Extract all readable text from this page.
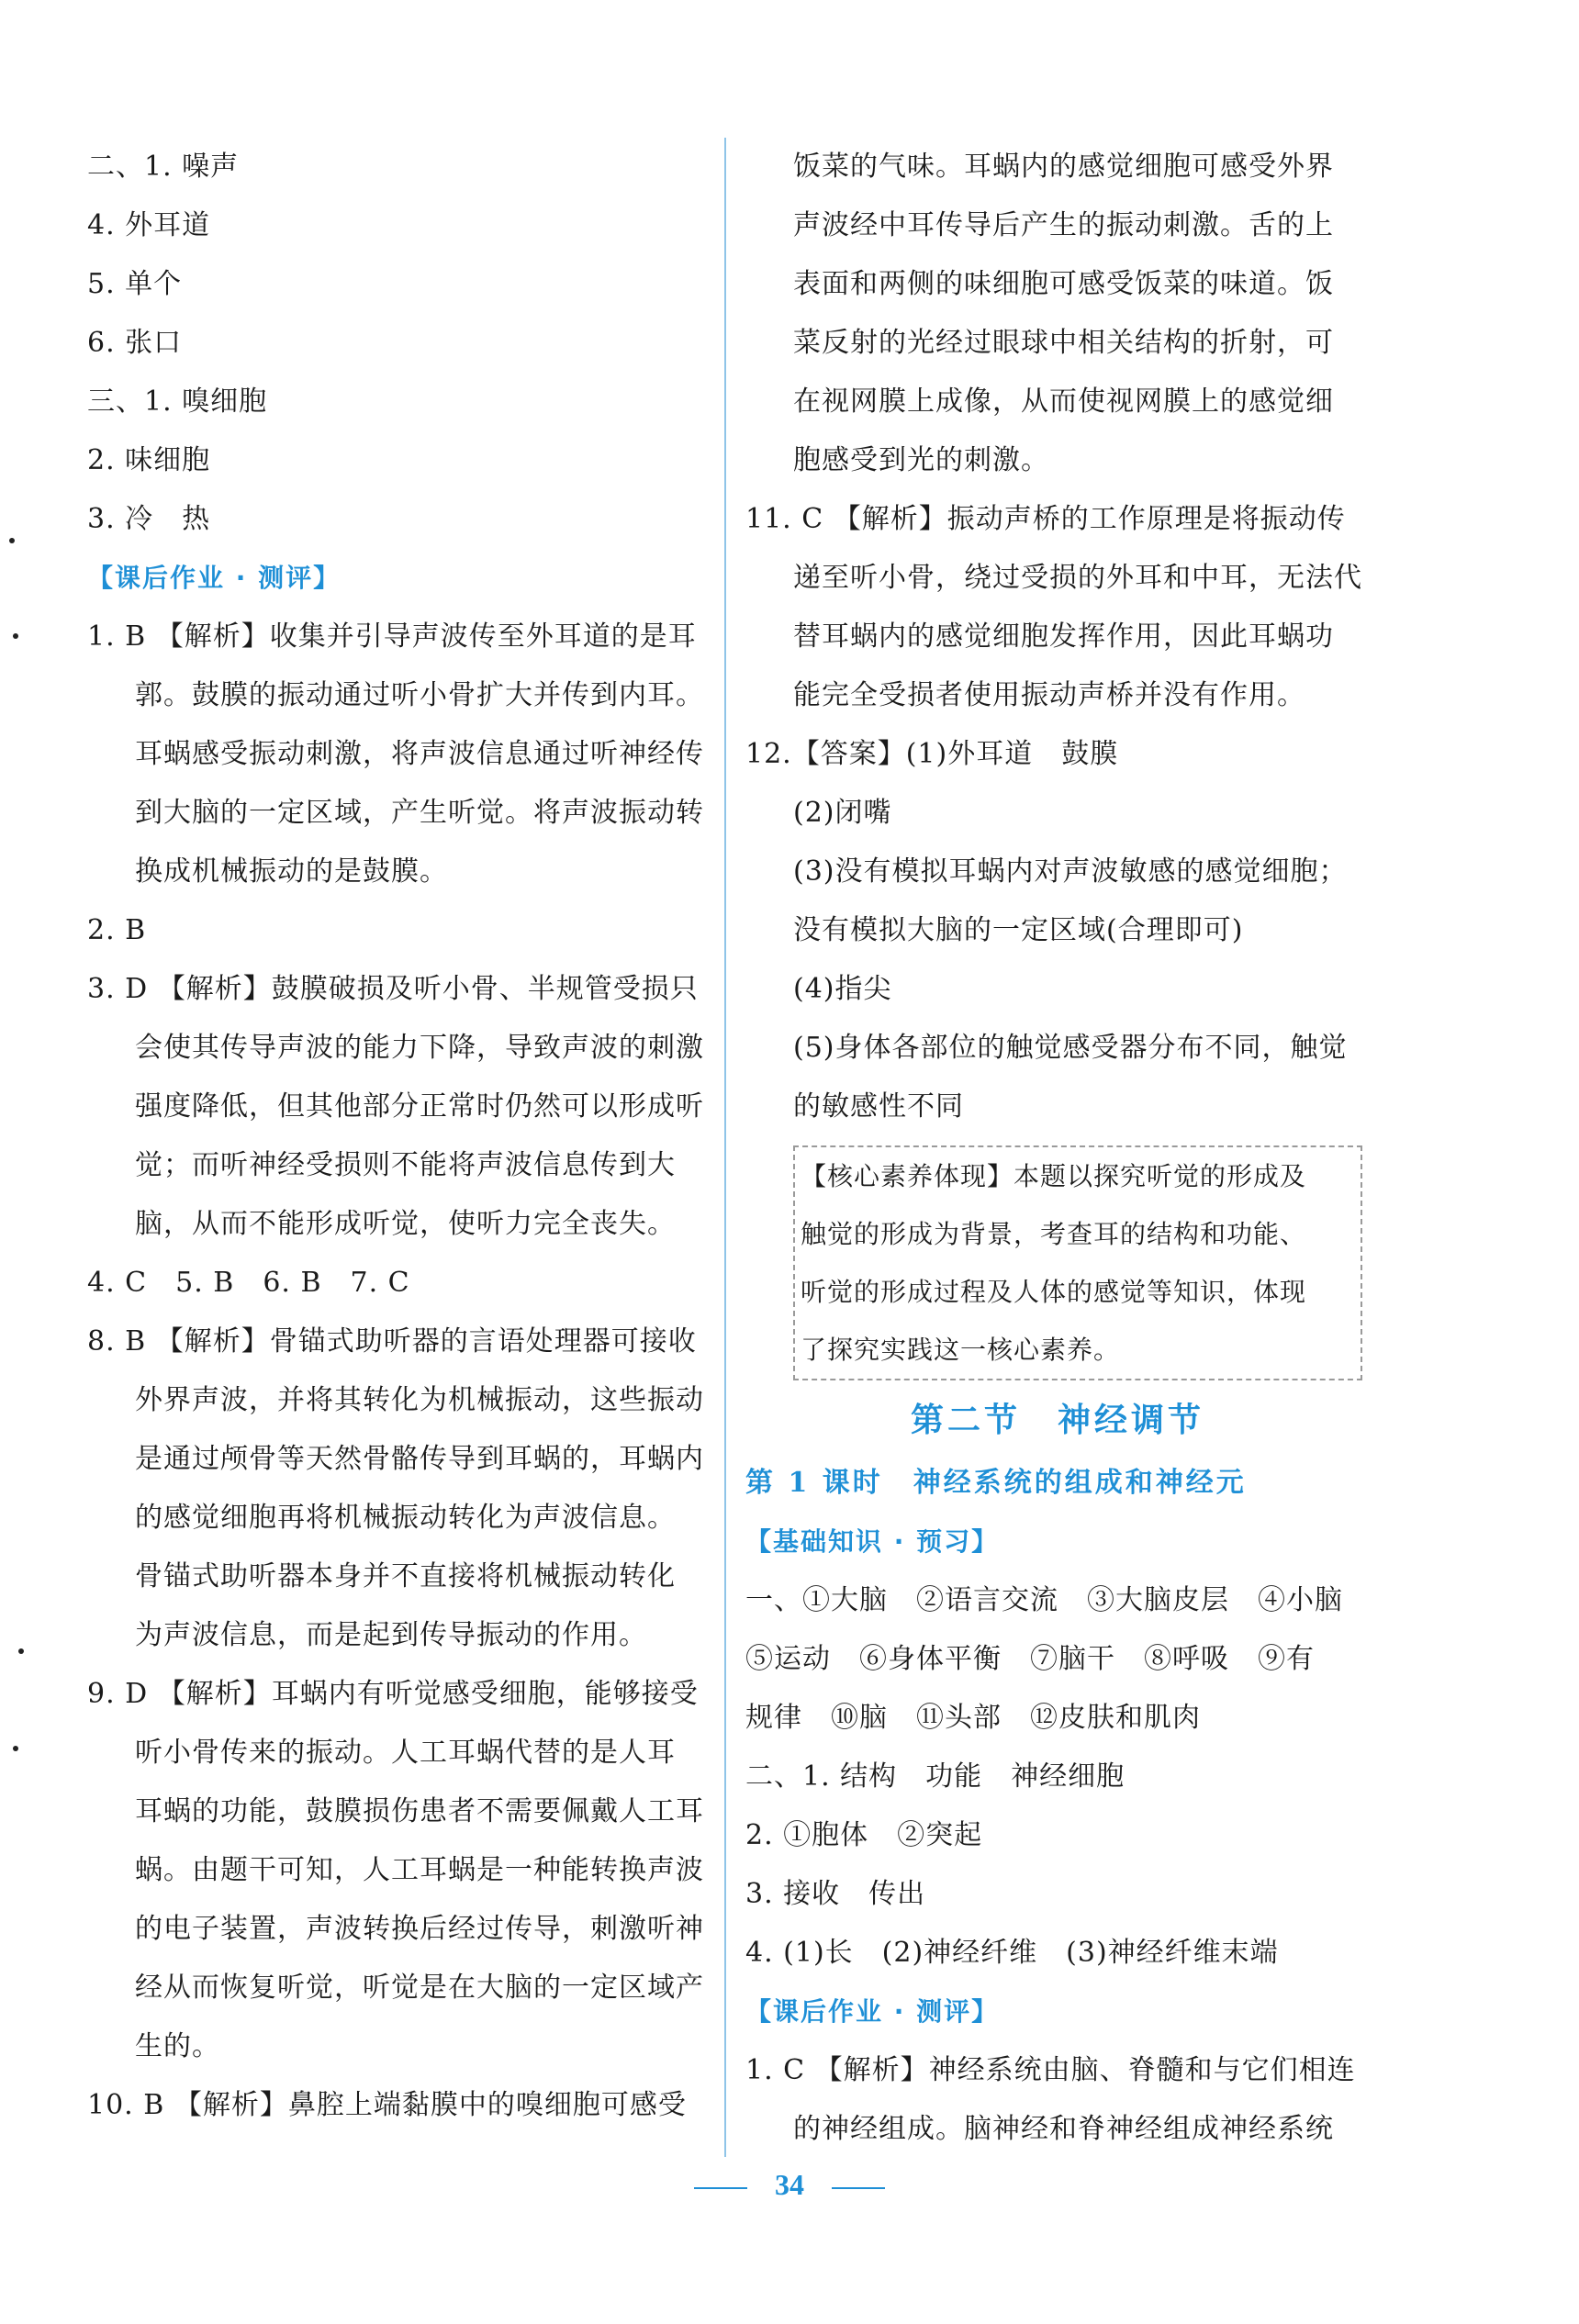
二、1. 噪声
4. 外耳道
5. 单个
6. 张口
三、1. 嗅细胞
2. 味细胞
3. 冷　热
【课后作业 · 测评】
1. B 【解析】收集并引导声波传至外耳道的是耳
郭。鼓膜的振动通过听小骨扩大并传到内耳。
耳蜗感受振动刺激，将声波信息通过听神经传
到大脑的一定区域，产生听觉。将声波振动转
换成机械振动的是鼓膜。
2. B
3. D 【解析】鼓膜破损及听小骨、半规管受损只
会使其传导声波的能力下降，导致声波的刺激
强度降低，但其他部分正常时仍然可以形成听
觉；而听神经受损则不能将声波信息传到大
脑，从而不能形成听觉，使听力完全丧失。
4. C　5. B　6. B　7. C
8. B 【解析】骨锚式助听器的言语处理器可接收
外界声波，并将其转化为机械振动，这些振动
是通过颅骨等天然骨骼传导到耳蜗的，耳蜗内
的感觉细胞再将机械振动转化为声波信息。
骨锚式助听器本身并不直接将机械振动转化
为声波信息，而是起到传导振动的作用。
9. D 【解析】耳蜗内有听觉感受细胞，能够接受
听小骨传来的振动。人工耳蜗代替的是人耳
耳蜗的功能，鼓膜损伤患者不需要佩戴人工耳
蜗。由题干可知，人工耳蜗是一种能转换声波
的电子装置，声波转换后经过传导，刺激听神
经从而恢复听觉，听觉是在大脑的一定区域产
生的。
10. B 【解析】鼻腔上端黏膜中的嗅细胞可感受
饭菜的气味。耳蜗内的感觉细胞可感受外界
声波经中耳传导后产生的振动刺激。舌的上
表面和两侧的味细胞可感受饭菜的味道。饭
菜反射的光经过眼球中相关结构的折射，可
在视网膜上成像，从而使视网膜上的感觉细
胞感受到光的刺激。
11. C 【解析】振动声桥的工作原理是将振动传
递至听小骨，绕过受损的外耳和中耳，无法代
替耳蜗内的感觉细胞发挥作用，因此耳蜗功
能完全受损者使用振动声桥并没有作用。
12.【答案】(1)外耳道　鼓膜
(2)闭嘴
(3)没有模拟耳蜗内对声波敏感的感觉细胞；
没有模拟大脑的一定区域(合理即可)
(4)指尖
(5)身体各部位的触觉感受器分布不同，触觉
的敏感性不同
【核心素养体现】本题以探究听觉的形成及
触觉的形成为背景，考查耳的结构和功能、
听觉的形成过程及人体的感觉等知识，体现
了探究实践这一核心素养。
第二节　神经调节
第 1 课时　神经系统的组成和神经元
【基础知识 · 预习】
一、①大脑　②语言交流　③大脑皮层　④小脑
⑤运动　⑥身体平衡　⑦脑干　⑧呼吸　⑨有
规律　⑩脑　⑪头部　⑫皮肤和肌肉
二、1. 结构　功能　神经细胞
2. ①胞体　②突起
3. 接收　传出
4. (1)长　(2)神经纤维　(3)神经纤维末端
【课后作业 · 测评】
1. C 【解析】神经系统由脑、脊髓和与它们相连
的神经组成。脑神经和脊神经组成神经系统
34
